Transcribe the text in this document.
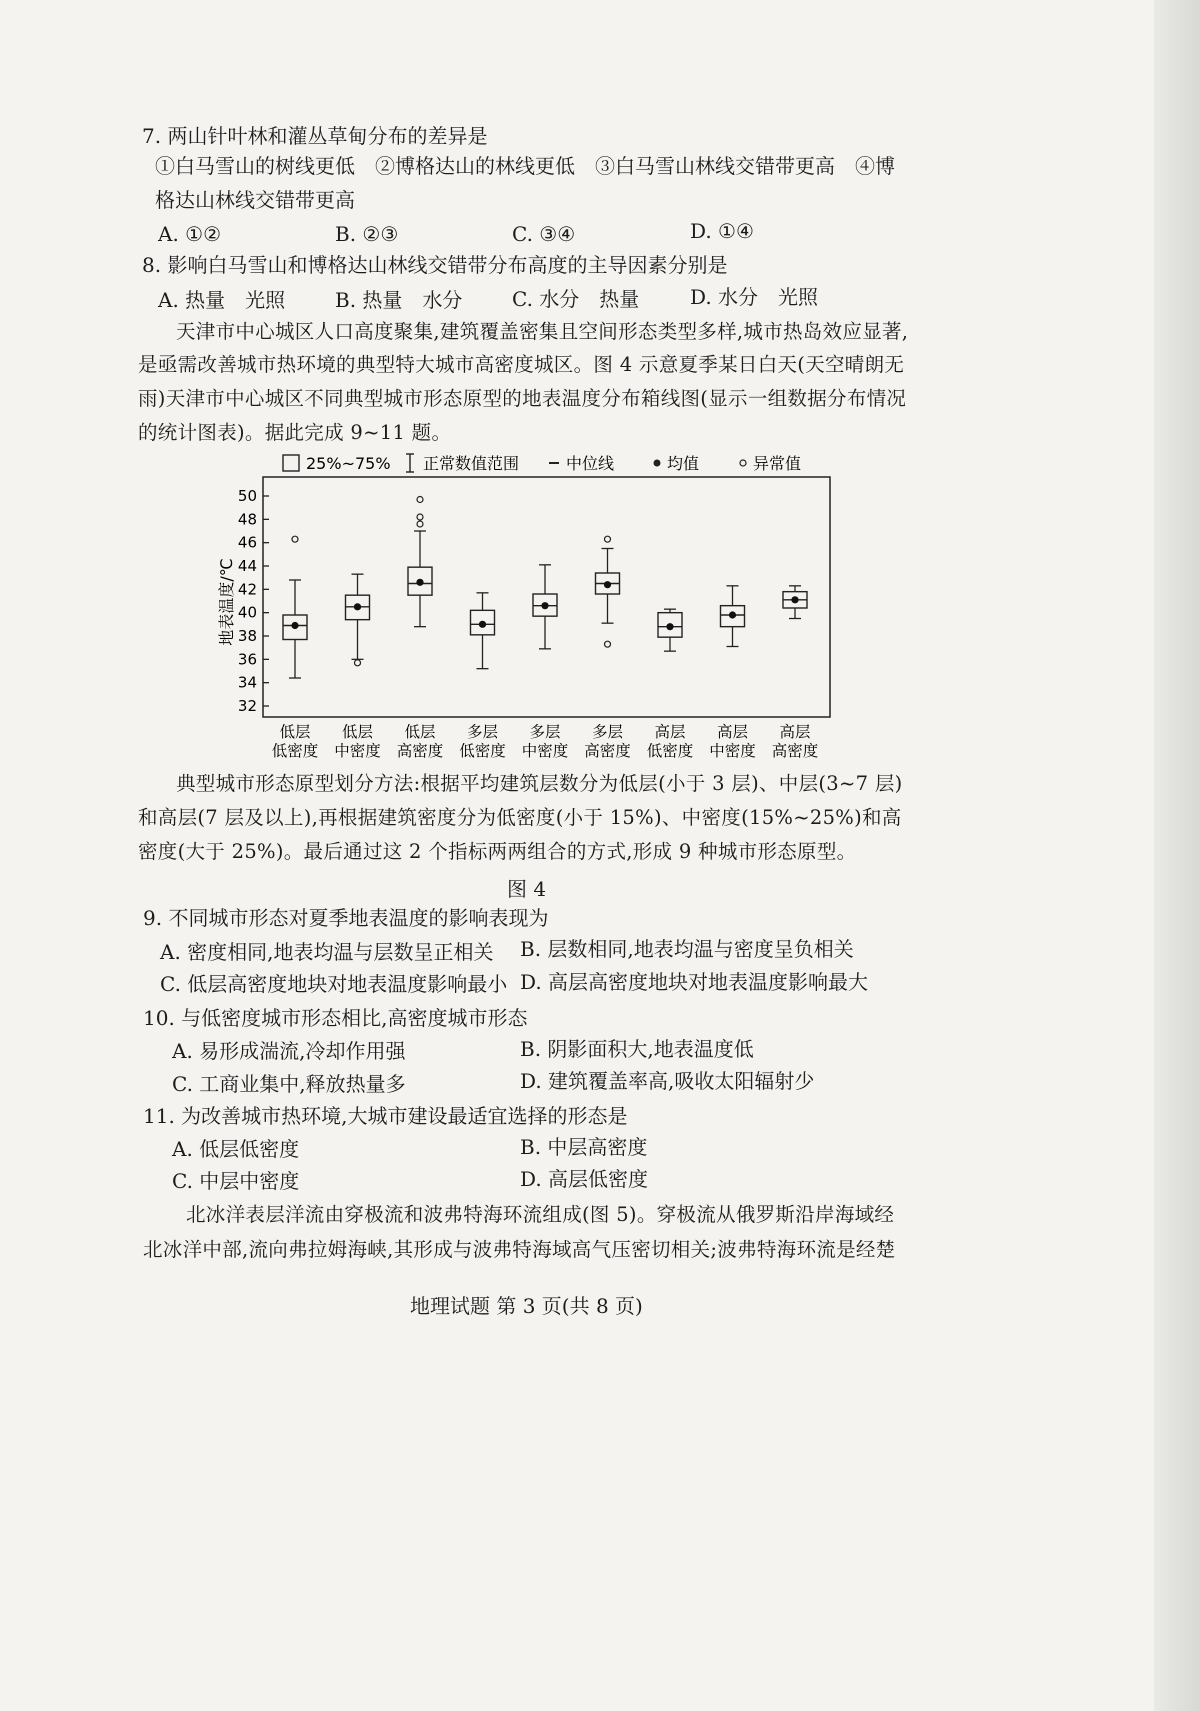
7. 两山针叶林和灌丛草甸分布的差异是
①白马雪山的树线更低　②博格达山的林线更低　③白马雪山林线交错带更高　④博
格达山林线交错带更高
A. ①②	B. ②③	C. ③④	D. ①④
8. 影响白马雪山和博格达山林线交错带分布高度的主导因素分别是
A. 热量　光照 B. 热量　水分 C. 水分　热量	D. 水分　光照
天津市中心城区人口高度聚集,建筑覆盖密集且空间形态类型多样,城市热岛效应显著,
是亟需改善城市热环境的典型特大城市高密度城区。图 4 示意夏季某日白天(天空晴朗无
雨)天津市中心城区不同典型城市形态原型的地表温度分布箱线图(显示一组数据分布情况
的统计图表)。据此完成 9~11 题。
25%~75% 正常数值范围	中位线	均值	异常值
地表温度/℃
32
34
36
38
40
42
44
46
48
50
低层
低密度
低层
中密度
低层
高密度
多层
低密度
多层
中密度
多层
高密度
高层
低密度
高层
中密度
高层
高密度
典型城市形态原型划分方法:根据平均建筑层数分为低层(小于 3 层)、中层(3~7 层)
和高层(7 层及以上),再根据建筑密度分为低密度(小于 15%)、中密度(15%~25%)和高
密度(大于 25%)。最后通过这 2 个指标两两组合的方式,形成 9 种城市形态原型。
图 4
9. 不同城市形态对夏季地表温度的影响表现为
A. 密度相同,地表均温与层数呈正相关 B. 层数相同,地表均温与密度呈负相关
C. 低层高密度地块对地表温度影响最小 D. 高层高密度地块对地表温度影响最大
10. 与低密度城市形态相比,高密度城市形态
A. 易形成湍流,冷却作用强	B. 阴影面积大,地表温度低
C. 工商业集中,释放热量多	D. 建筑覆盖率高,吸收太阳辐射少
11. 为改善城市热环境,大城市建设最适宜选择的形态是
A. 低层低密度	B. 中层高密度
C. 中层中密度	D. 高层低密度
北冰洋表层洋流由穿极流和波弗特海环流组成(图 5)。穿极流从俄罗斯沿岸海域经
北冰洋中部,流向弗拉姆海峡,其形成与波弗特海域高气压密切相关;波弗特海环流是经楚
地理试题 第 3 页(共 8 页)
